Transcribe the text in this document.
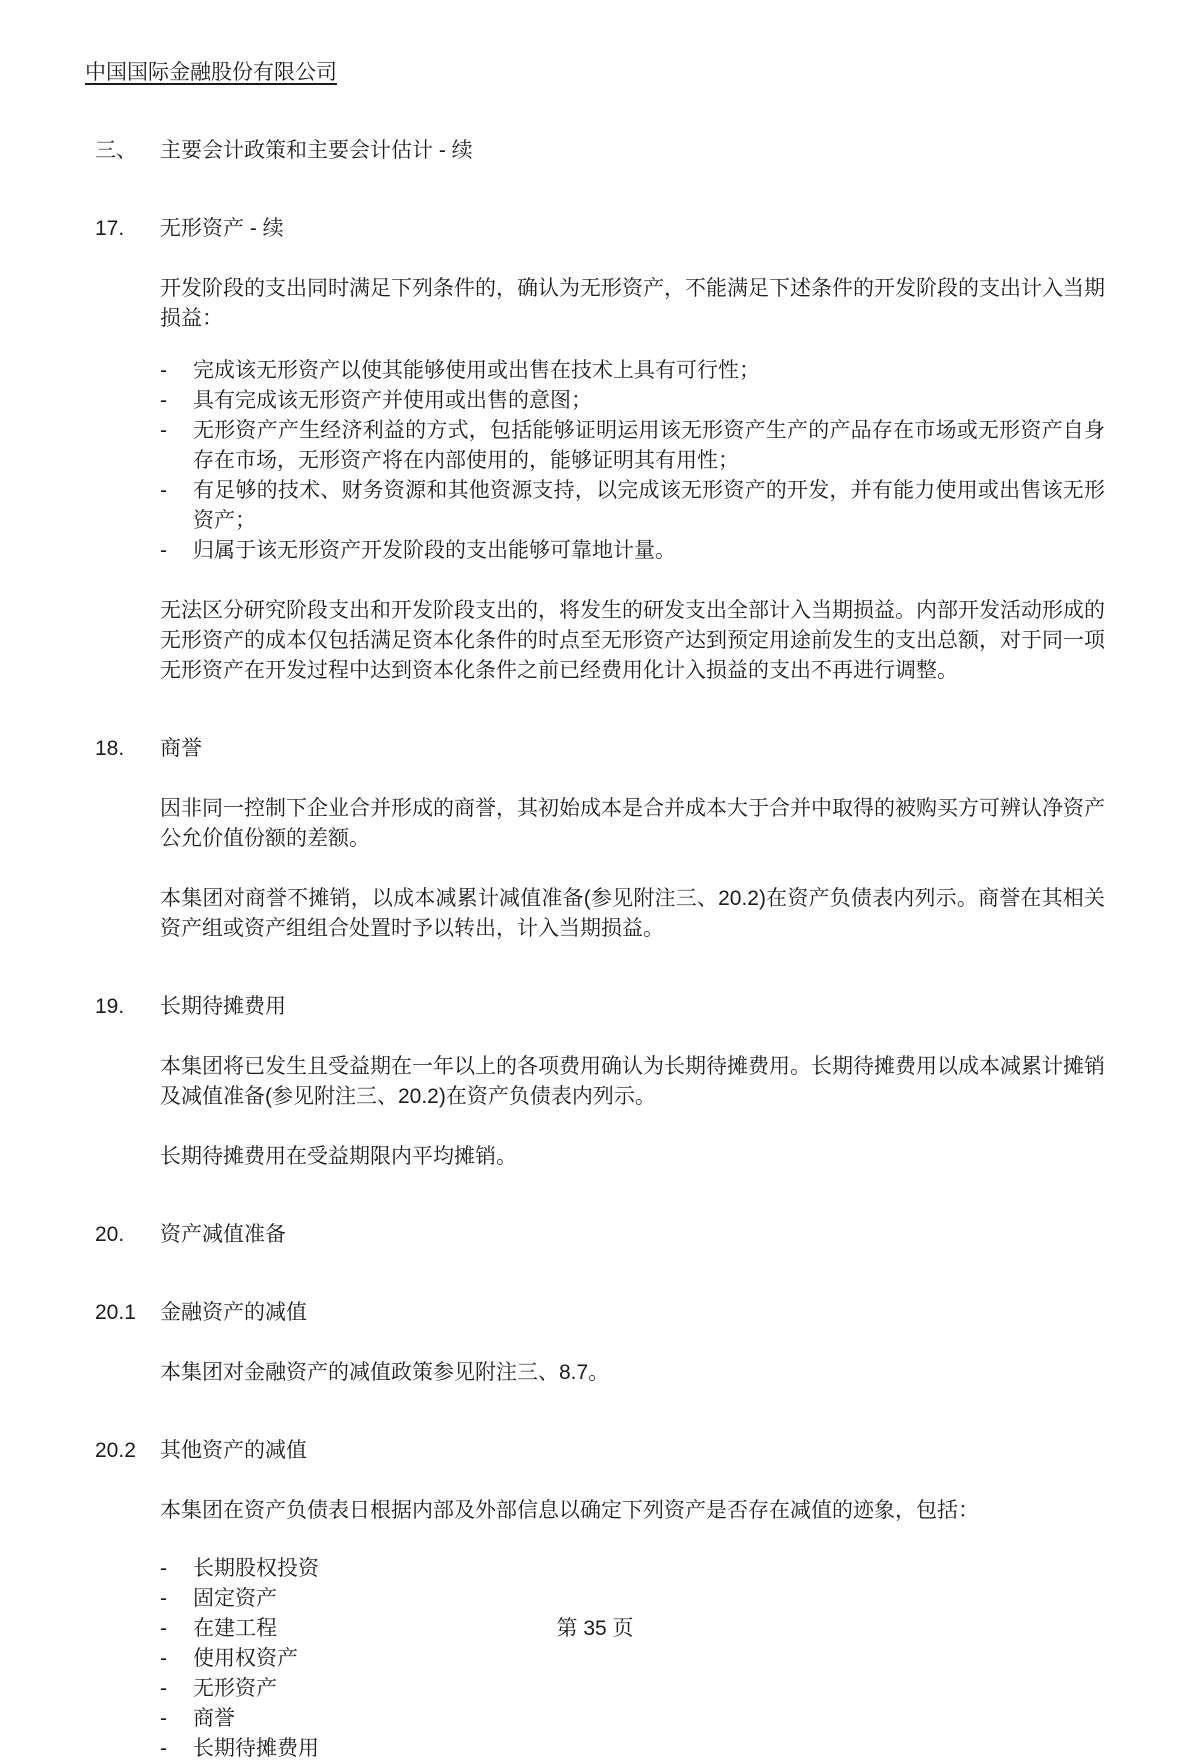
中国国际金融股份有限公司
三、	主要会计政策和主要会计估计 - 续
17.	无形资产 - 续
开发阶段的支出同时满足下列条件的，确认为无形资产，不能满足下述条件的开发阶段的支出计入当期损益：
-	完成该无形资产以使其能够使用或出售在技术上具有可行性；
-	具有完成该无形资产并使用或出售的意图；
-	无形资产产生经济利益的方式，包括能够证明运用该无形资产生产的产品存在市场或无形资产自身存在市场，无形资产将在内部使用的，能够证明其有用性；
-	有足够的技术、财务资源和其他资源支持，以完成该无形资产的开发，并有能力使用或出售该无形资产；
-	归属于该无形资产开发阶段的支出能够可靠地计量。
无法区分研究阶段支出和开发阶段支出的，将发生的研发支出全部计入当期损益。内部开发活动形成的无形资产的成本仅包括满足资本化条件的时点至无形资产达到预定用途前发生的支出总额，对于同一项无形资产在开发过程中达到资本化条件之前已经费用化计入损益的支出不再进行调整。
18.	商誉
因非同一控制下企业合并形成的商誉，其初始成本是合并成本大于合并中取得的被购买方可辨认净资产公允价值份额的差额。
本集团对商誉不摊销，以成本减累计减值准备(参见附注三、20.2)在资产负债表内列示。商誉在其相关资产组或资产组组合处置时予以转出，计入当期损益。
19.	长期待摊费用
本集团将已发生且受益期在一年以上的各项费用确认为长期待摊费用。长期待摊费用以成本减累计摊销及减值准备(参见附注三、20.2)在资产负债表内列示。
长期待摊费用在受益期限内平均摊销。
20.	资产减值准备
20.1	金融资产的减值
本集团对金融资产的减值政策参见附注三、8.7。
20.2	其他资产的减值
本集团在资产负债表日根据内部及外部信息以确定下列资产是否存在减值的迹象，包括：
-	长期股权投资
-	固定资产
-	在建工程
-	使用权资产
-	无形资产
-	商誉
-	长期待摊费用
第 35 页
